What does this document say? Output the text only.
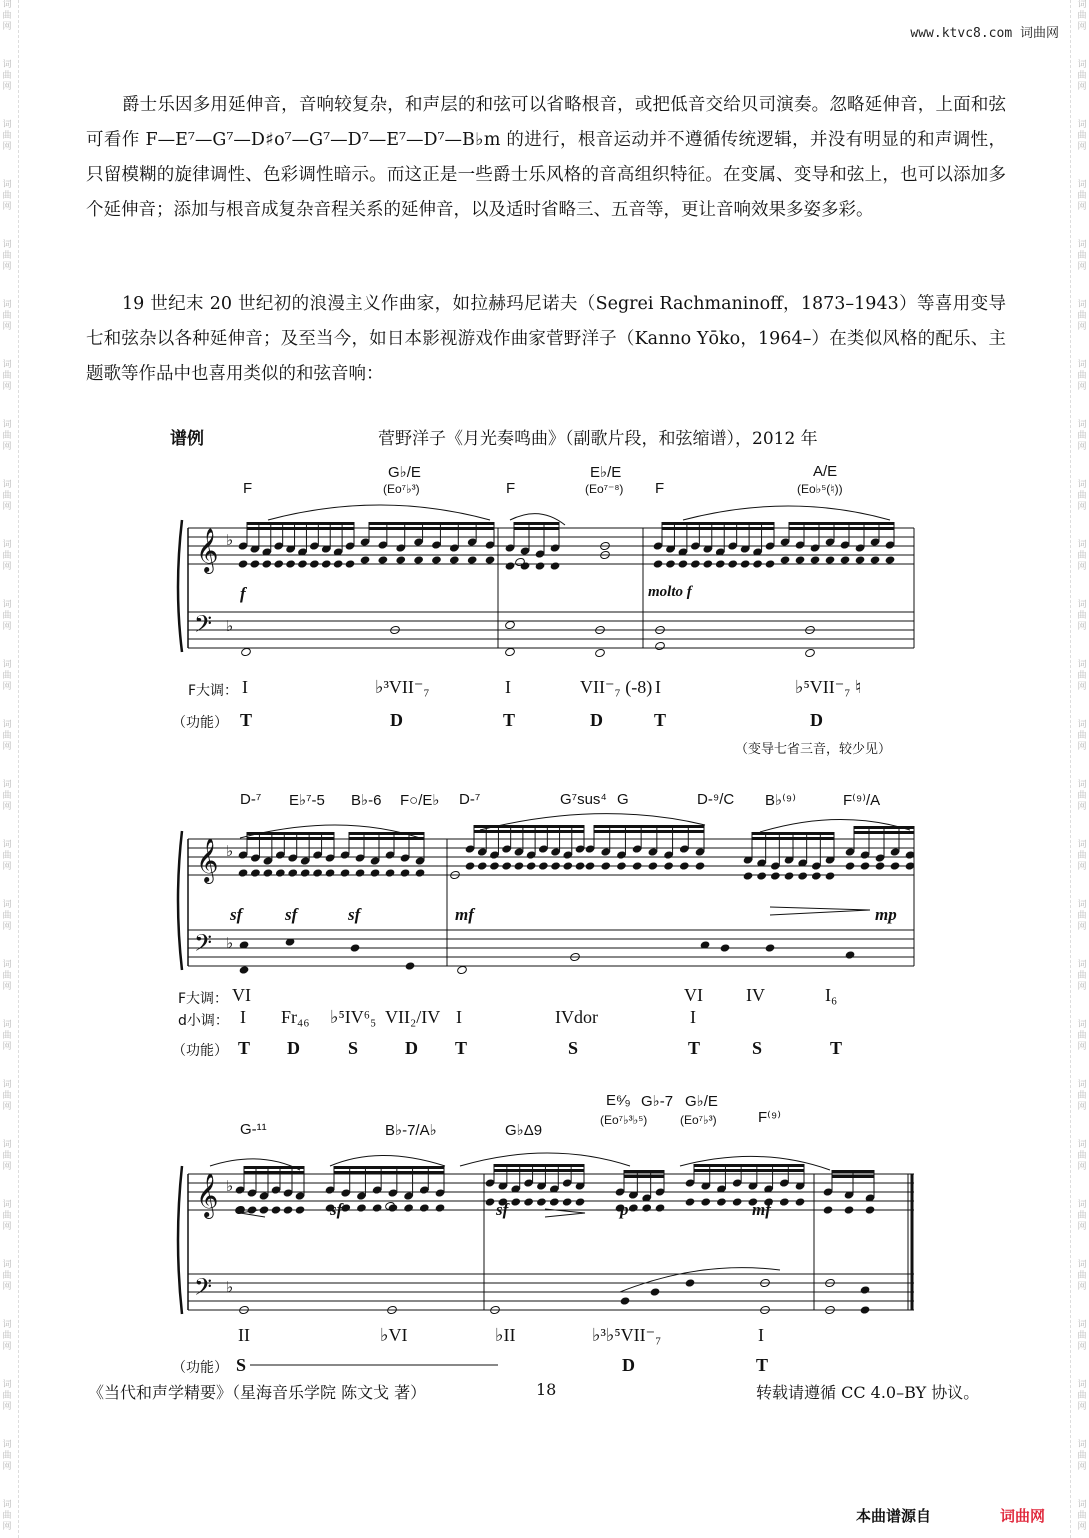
词
曲
网
词
曲
网
词
曲
网
词
曲
网
词
曲
网
词
曲
网
词
曲
网
词
曲
网
词
曲
网
词
曲
网
词
曲
网
词
曲
网
词
曲
网
词
曲
网
词
曲
网
词
曲
网
词
曲
网
词
曲
网
词
曲
网
词
曲
网
词
曲
网
词
曲
网
词
曲
网
词
曲
网
词
曲
网
词
曲
网
词
曲
网
词
曲
网
词
曲
网
词
曲
网
词
曲
网
词
曲
网
词
曲
网
词
曲
网
词
曲
网
词
曲
网
词
曲
网
词
曲
网
词
曲
网
词
曲
网
词
曲
网
词
曲
网
词
曲
网
词
曲
网
词
曲
网
词
曲
网
词
曲
网
词
曲
网
词
曲
网
词
曲
网
词
曲
网
词
曲
网
www.ktvc8.com 词曲网

爵士乐因多用延伸音，音响较复杂，和声层的和弦可以省略根音，或把低音交给贝司演奏。忽略延伸音，上面和弦可看作 F—E⁷—G⁷—D♯o⁷—G⁷—D⁷—E⁷—D⁷—B♭m 的进行，根音运动并不遵循传统逻辑，并没有明显的和声调性，只留模糊的旋律调性、色彩调性暗示。而这正是一些爵士乐风格的音高组织特征。在变属、变导和弦上，也可以添加多个延伸音；添加与根音成复杂音程关系的延伸音，以及适时省略三、五音等，更让音响效果多姿多彩。

19 世纪末 20 世纪初的浪漫主义作曲家，如拉赫玛尼诺夫（Segrei Rachmaninoff，1873–1943）等喜用变导七和弦杂以各种延伸音；及至当今，如日本影视游戏作曲家菅野洋子（Kanno Yōko，1964–）在类似风格的配乐、主题歌等作品中也喜用类似的和弦音响：

谱例	菅野洋子《月光奏鸣曲》（副歌片段，和弦缩谱），2012 年
𝄞
𝄢
𝄞
𝄢
𝄞
𝄢
♭
♭
♭
♭
♭
♭
F
G♭/E
(Eo⁷♭³)	F
E♭/E
(Eo⁷⁻⁸) F
A/E
(Eo♭⁵(♮))
f	molto f
F大调： I	♭³VII⁻₇	I	VII⁻₇ (-8) I	♭⁵VII⁻₇ ♮
（功能） T	D	T	D	T	D
（变导七省三音，较少见）
D-⁷ E♭⁷-5 B♭-6 F○/E♭ D-⁷	G⁷sus⁴ G	D-⁹/C B♭⁽⁹⁾	F⁽⁹⁾/A
sf	sf	sf	mf	mp
F大调： VI	VI IV	I₆
d小调： I Fr₄₆ ♭⁵IV⁶₅ VII₂/IV I	IVdor	I
（功能） T D	S	D T	S	T	S	T
G-¹¹	B♭-7/A♭	G♭Δ9
E⁶⁄₉ G♭-7 G♭/E
(Eo⁷♭³♭⁵)	(Eo⁷♭³)	F⁽⁹⁾
sf	sf	p	mf
II	♭VI	♭II	♭³♭⁵VII⁻₇	I
（功能） S	D	T
《当代和声学精要》（星海音乐学院 陈文戈 著）	18	转载请遵循 CC 4.0–BY 协议。
本曲谱源自	词曲网
